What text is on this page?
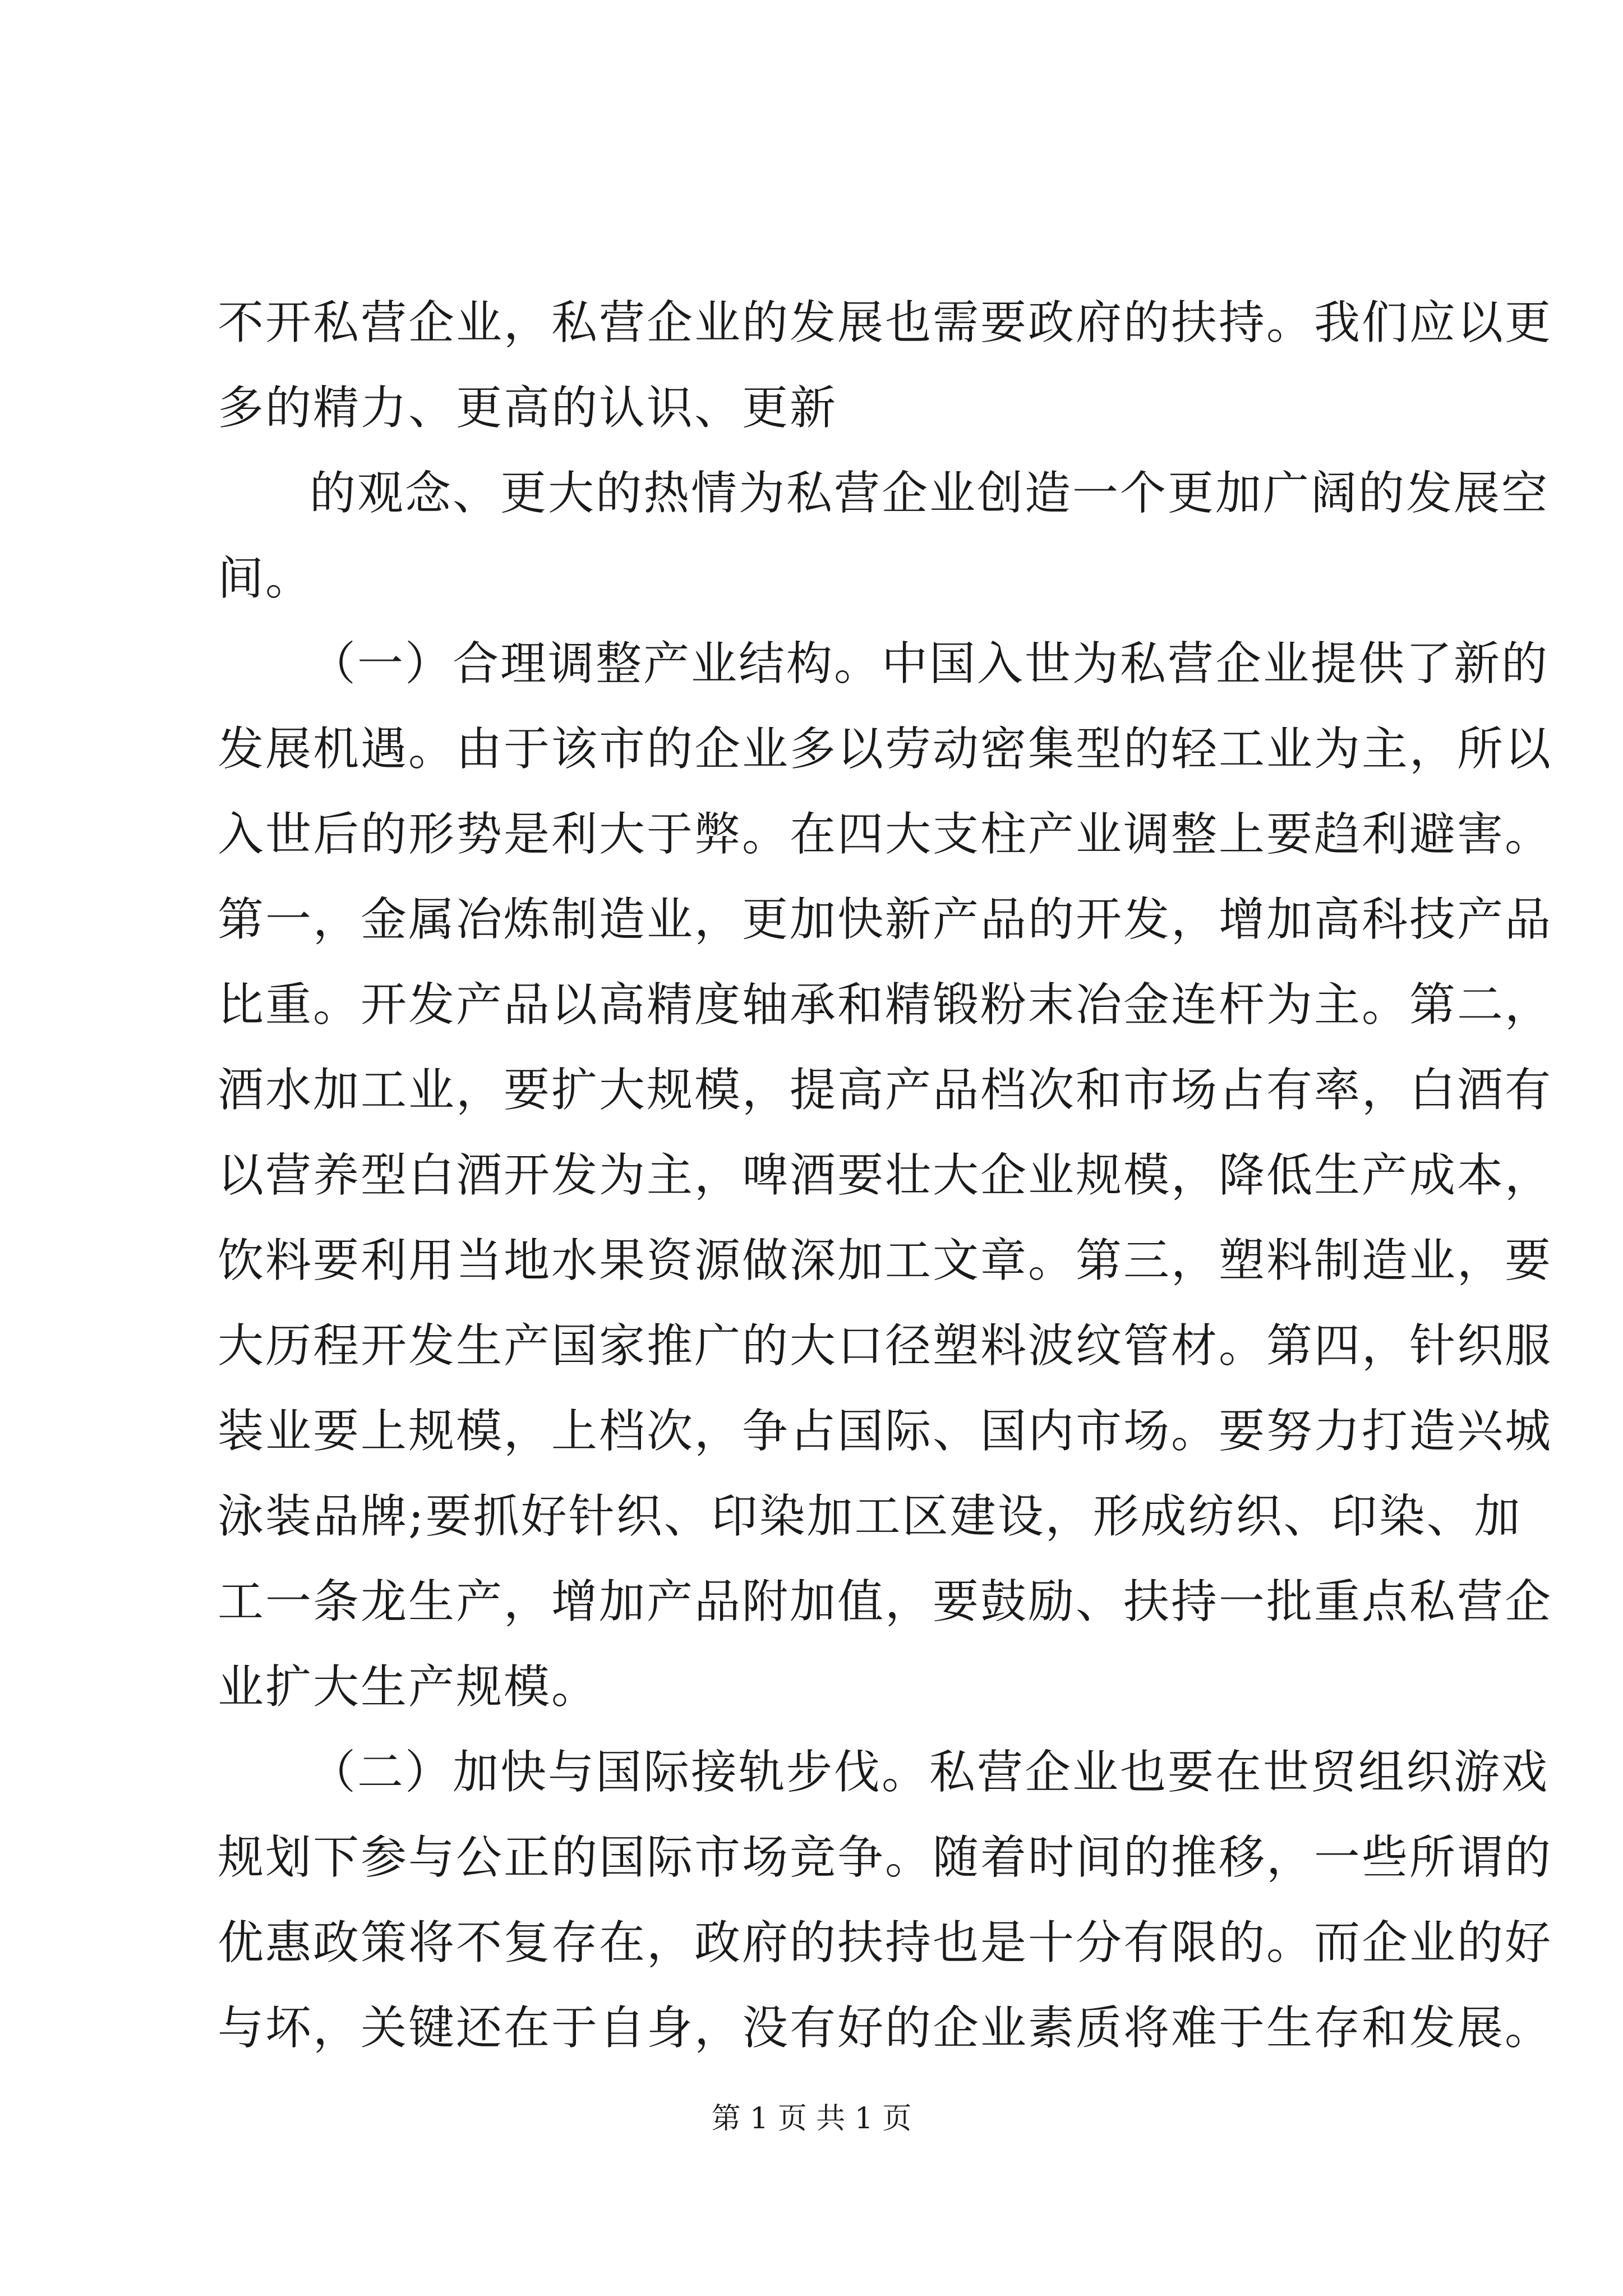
不开私营企业，私营企业的发展也需要政府的扶持。我们应以更
多的精力、更高的认识、更新
的观念、更大的热情为私营企业创造一个更加广阔的发展空
间。
（一）合理调整产业结构。中国入世为私营企业提供了新的
发展机遇。由于该市的企业多以劳动密集型的轻工业为主，所以
入世后的形势是利大于弊。在四大支柱产业调整上要趋利避害。
第一，金属冶炼制造业，更加快新产品的开发，增加高科技产品
比重。开发产品以高精度轴承和精锻粉末冶金连杆为主。第二，
酒水加工业，要扩大规模，提高产品档次和市场占有率，白酒有
以营养型白酒开发为主，啤酒要壮大企业规模，降低生产成本，
饮料要利用当地水果资源做深加工文章。第三，塑料制造业，要
大历程开发生产国家推广的大口径塑料波纹管材。第四，针织服
装业要上规模，上档次，争占国际、国内市场。要努力打造兴城
泳装品牌;要抓好针织、印染加工区建设，形成纺织、印染、加
工一条龙生产，增加产品附加值，要鼓励、扶持一批重点私营企
业扩大生产规模。
（二）加快与国际接轨步伐。私营企业也要在世贸组织游戏
规划下参与公正的国际市场竞争。随着时间的推移，一些所谓的
优惠政策将不复存在，政府的扶持也是十分有限的。而企业的好
与坏，关键还在于自身，没有好的企业素质将难于生存和发展。
第 1 页 共 1 页
